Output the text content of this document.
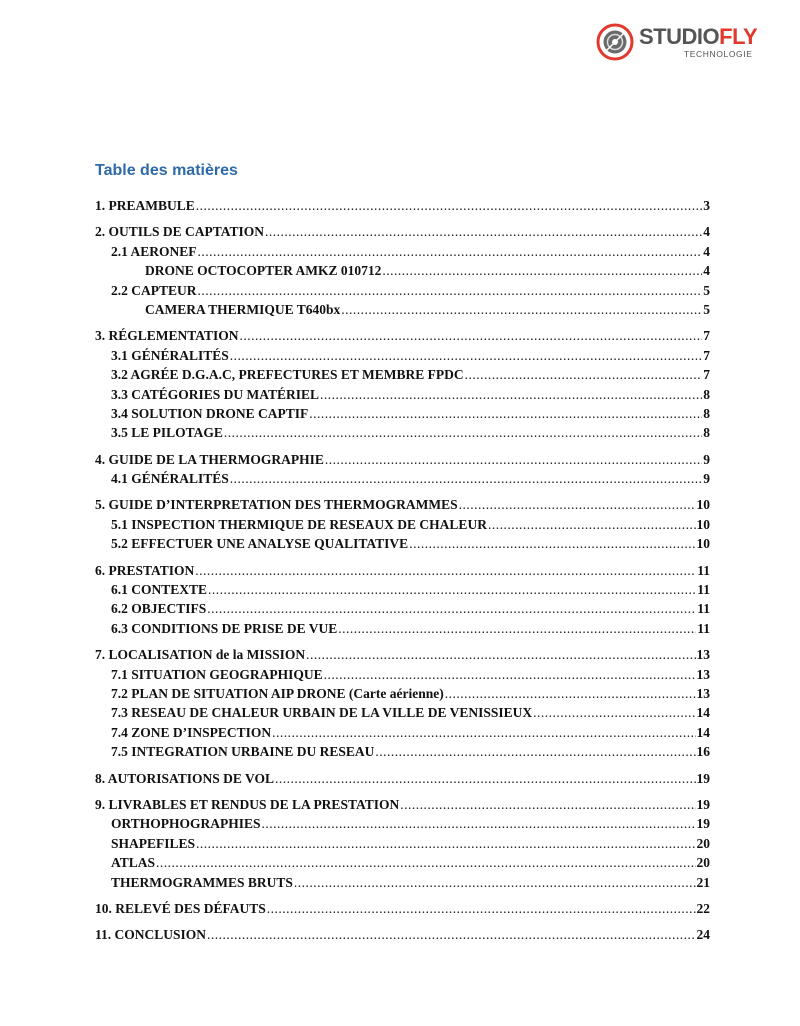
STUDIOFLY
TECHNOLOGIE
Table des matières
1. PREAMBULE .....	3
2. OUTILS DE CAPTATION .....	4
2.1 AERONEF .....	4
DRONE OCTOCOPTER AMKZ 010712 .....	4
2.2 CAPTEUR .....	5
CAMERA THERMIQUE T640bx .....	5
3. RÉGLEMENTATION .....	7
3.1 GÉNÉRALITÉS .....	7
3.2 AGRÉE D.G.A.C, PREFECTURES ET MEMBRE FPDC .....	7
3.3 CATÉGORIES DU MATÉRIEL .....	8
3.4 SOLUTION DRONE CAPTIF .....	8
3.5 LE PILOTAGE .....	8
4. GUIDE DE LA THERMOGRAPHIE .....	9
4.1 GÉNÉRALITÉS .....	9
5. GUIDE D’INTERPRETATION DES THERMOGRAMMES .....	10
5.1 INSPECTION THERMIQUE DE RESEAUX DE CHALEUR .....	10
5.2 EFFECTUER UNE ANALYSE QUALITATIVE .....	10
6. PRESTATION .....	11
6.1 CONTEXTE .....	11
6.2 OBJECTIFS .....	11
6.3 CONDITIONS DE PRISE DE VUE .....	11
7. LOCALISATION de la MISSION .....	13
7.1 SITUATION GEOGRAPHIQUE .....	13
7.2 PLAN DE SITUATION AIP DRONE (Carte aérienne) .....	13
7.3 RESEAU DE CHALEUR URBAIN DE LA VILLE DE VENISSIEUX .....	14
7.4 ZONE D’INSPECTION .....	14
7.5 INTEGRATION URBAINE DU RESEAU .....	16
8. AUTORISATIONS DE VOL .....	19
9. LIVRABLES ET RENDUS DE LA PRESTATION .....	19
ORTHOPHOGRAPHIES .....	19
SHAPEFILES .....	20
ATLAS .....	20
THERMOGRAMMES BRUTS .....	21
10. RELEVÉ DES DÉFAUTS .....	22
11. CONCLUSION .....	24
